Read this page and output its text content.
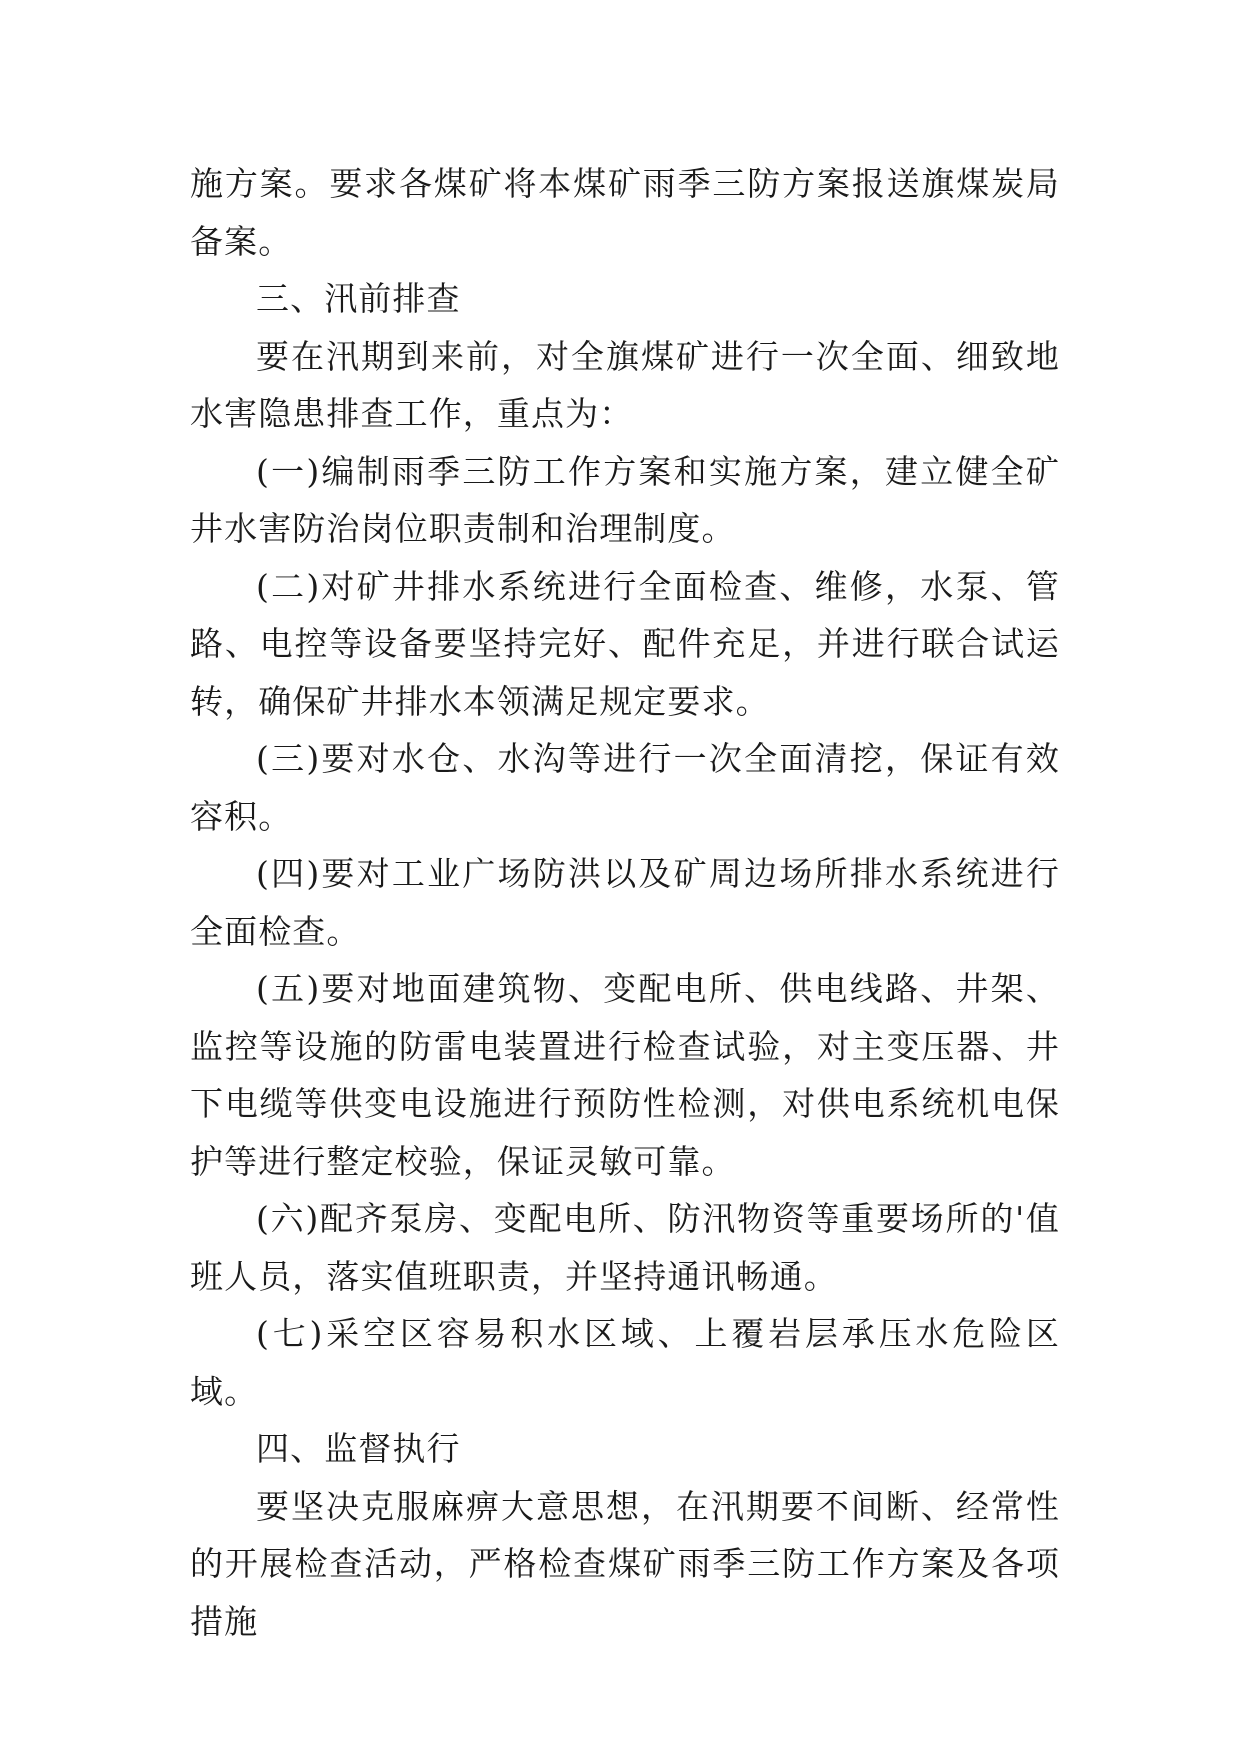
施方案。要求各煤矿将本煤矿雨季三防方案报送旗煤炭局备案。

三、汛前排查

要在汛期到来前，对全旗煤矿进行一次全面、细致地水害隐患排查工作，重点为：

(一)编制雨季三防工作方案和实施方案，建立健全矿井水害防治岗位职责制和治理制度。

(二)对矿井排水系统进行全面检查、维修，水泵、管路、电控等设备要坚持完好、配件充足，并进行联合试运转，确保矿井排水本领满足规定要求。

(三)要对水仓、水沟等进行一次全面清挖，保证有效容积。

(四)要对工业广场防洪以及矿周边场所排水系统进行全面检查。

(五)要对地面建筑物、变配电所、供电线路、井架、监控等设施的防雷电装置进行检查试验，对主变压器、井下电缆等供变电设施进行预防性检测，对供电系统机电保护等进行整定校验，保证灵敏可靠。

(六)配齐泵房、变配电所、防汛物资等重要场所的'值班人员，落实值班职责，并坚持通讯畅通。

(七)采空区容易积水区域、上覆岩层承压水危险区域。

四、监督执行

要坚决克服麻痹大意思想，在汛期要不间断、经常性的开展检查活动，严格检查煤矿雨季三防工作方案及各项措施
